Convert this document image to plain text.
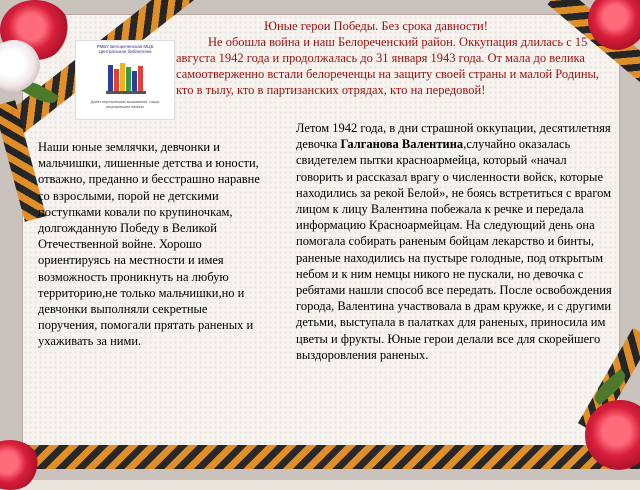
РМБУ Белореченская МЦБ
Центральная библиотека
Даём пережившим выжившим, наша пережившим память
Юные герои Победы. Без срока давности!
Не обошла война и наш Белореченский район. Оккупация длилась с 15 августа 1942 года и продолжалась до 31 января 1943 года. От мала до велика самоотверженно встали белореченцы на защиту своей страны и малой Родины, кто в тылу, кто в партизанских отрядах, кто на передовой!
Наши юные землячки, девчонки и мальчишки, лишенные детства и юности, отважно, преданно и бесстрашно наравне со взрослыми, порой не детскими поступками ковали по крупиночкам, долгожданную Победу в Великой Отечественной войне. Хорошо ориентируясь на местности и имея возможность проникнуть на любую территорию,не только мальчишки,но и девчонки выполняли секретные поручения, помогали прятать раненых и ухаживать за ними.
Летом 1942 года, в дни страшной оккупации, десятилетняя девочка Галганова Валентина,случайно оказалась свидетелем пытки красноармейца, который «начал говорить и рассказал врагу о численности войск, которые находились за рекой Белой», не боясь встретиться с врагом лицом к лицу Валентина побежала к речке и передала информацию Красноармейцам. На следующий день она помогала собирать раненым бойцам лекарство и бинты, раненые находились на пустыре голодные, под открытым небом и к ним немцы никого не пускали, но девочка с ребятами нашли способ все передать. После освобождения города, Валентина участвовала в драм кружке, и с другими детьми, выступала в палатках для раненых, приносила им цветы и фрукты. Юные герои делали все для скорейшего выздоровления раненых.
